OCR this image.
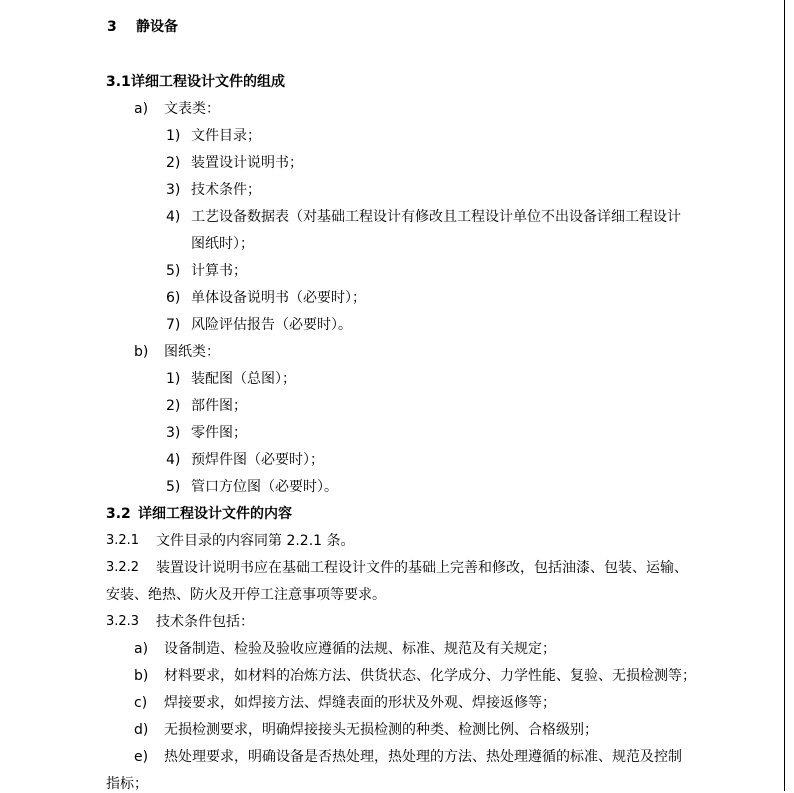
3 静设备
3.1 详细工程设计文件的组成
a) 文表类：
1) 文件目录；
2) 装置设计说明书；
3) 技术条件；
4) 工艺设备数据表（对基础工程设计有修改且工程设计单位不出设备详细工程设计
图纸时）；
5) 计算书；
6) 单体设备说明书（必要时）；
7) 风险评估报告（必要时）。
b) 图纸类：
1) 装配图（总图）；
2) 部件图；
3) 零件图；
4) 预焊件图（必要时）；
5) 管口方位图（必要时）。
3.2 详细工程设计文件的内容
3.2.1 文件目录的内容同第 2.2.1 条。
3.2.2 装置设计说明书应在基础工程设计文件的基础上完善和修改，包括油漆、包装、运输、
安装、绝热、防火及开停工注意事项等要求。
3.2.3 技术条件包括：
a) 设备制造、检验及验收应遵循的法规、标准、规范及有关规定；
b) 材料要求，如材料的冶炼方法、供货状态、化学成分、力学性能、复验、无损检测等；
c) 焊接要求，如焊接方法、焊缝表面的形状及外观、焊接返修等；
d) 无损检测要求，明确焊接接头无损检测的种类、检测比例、合格级别；
e) 热处理要求，明确设备是否热处理，热处理的方法、热处理遵循的标准、规范及控制
指标；
